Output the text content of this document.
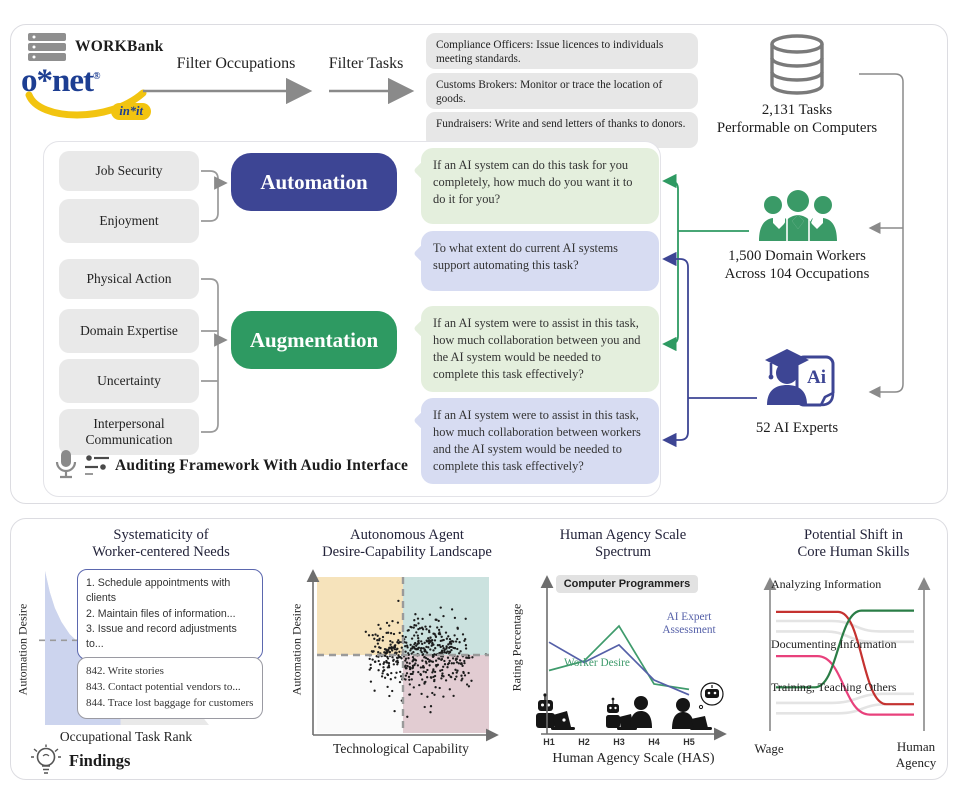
WORKBank
o*net®
in*it
Filter Occupations	Filter Tasks
Compliance Officers: Issue licences to individuals meeting standards.
Customs Brokers: Monitor or trace the location of goods.
Fundraisers: Write and send letters of thanks to donors.
2,131 Tasks
Performable on Computers
1,500 Domain Workers
Across 104 Occupations
Ai
52 AI Experts
Job Security
Enjoyment
Physical Action
Domain Expertise
Uncertainty
Interpersonal Communication
Automation
Augmentation
If an AI system can do this task for you completely, how much do you want it to do it for you?
To what extent do current AI systems support automating this task?
If an AI system were to assist in this task, how much collaboration between you and the AI system would be needed to complete this task effectively?
If an AI system were to assist in this task, how much collaboration between workers and the AI system would be needed to complete this task effectively?
Auditing Framework With Audio Interface
Systematicity of
Worker-centered Needs
Autonomous Agent
Desire-Capability Landscape
Human Agency Scale
Spectrum
Potential Shift in
Core Human Skills
Automation Desire
1. Schedule appointments with clients
2. Maintain files of information...
3. Issue and record adjustments to...
842. Write stories
843. Contact potential vendors to...
844. Trace lost baggage for customers
Occupational Task Rank
Findings
Automation Desire
Technological Capability
Rating Percentage
H1	H2	H3	H4	H5
Computer Programmers
AI Expert Assessment
Worker Desire
Human Agency Scale (HAS)
Analyzing Information
Documenting Information
Training, Teaching Others
Wage	Human Agency
